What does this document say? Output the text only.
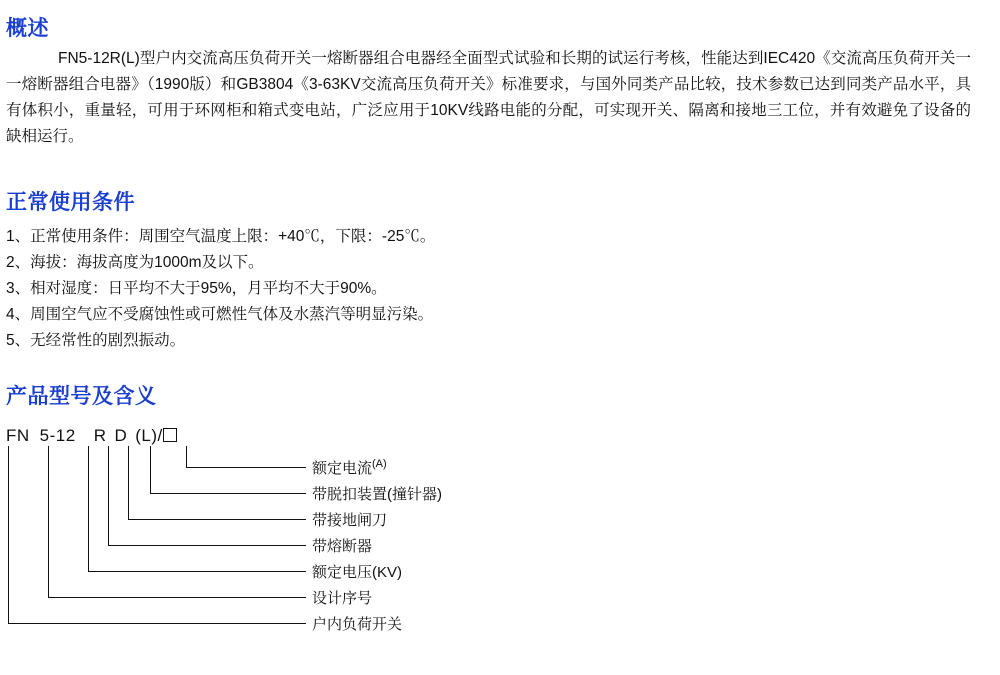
概述
FN5-12R(L)型户内交流高压负荷开关一熔断器组合电器经全面型式试验和长期的试运行考核，性能达到IEC420《交流高压负荷开关一一熔断器组合电器》（1990版）和GB3804《3-63KV交流高压负荷开关》标准要求，与国外同类产品比较，技术参数已达到同类产品水平，具有体积小，重量轻，可用于环网柜和箱式变电站，广泛应用于10KV线路电能的分配，可实现开关、隔离和接地三工位，并有效避免了设备的缺相运行。
正常使用条件
1、正常使用条件：周围空气温度上限：+40℃，下限：-25℃。
2、海拔：海拔高度为1000m及以下。
3、相对湿度：日平均不大于95%，月平均不大于90%。
4、周围空气应不受腐蚀性或可燃性气体及水蒸汽等明显污染。
5、无经常性的剧烈振动。
产品型号及含义
FN 5-12 R D (L)/
额定电流$^{(A)}$
带脱扣装置(撞针器)
带接地闸刀
带熔断器
额定电压(KV)
设计序号
户内负荷开关
